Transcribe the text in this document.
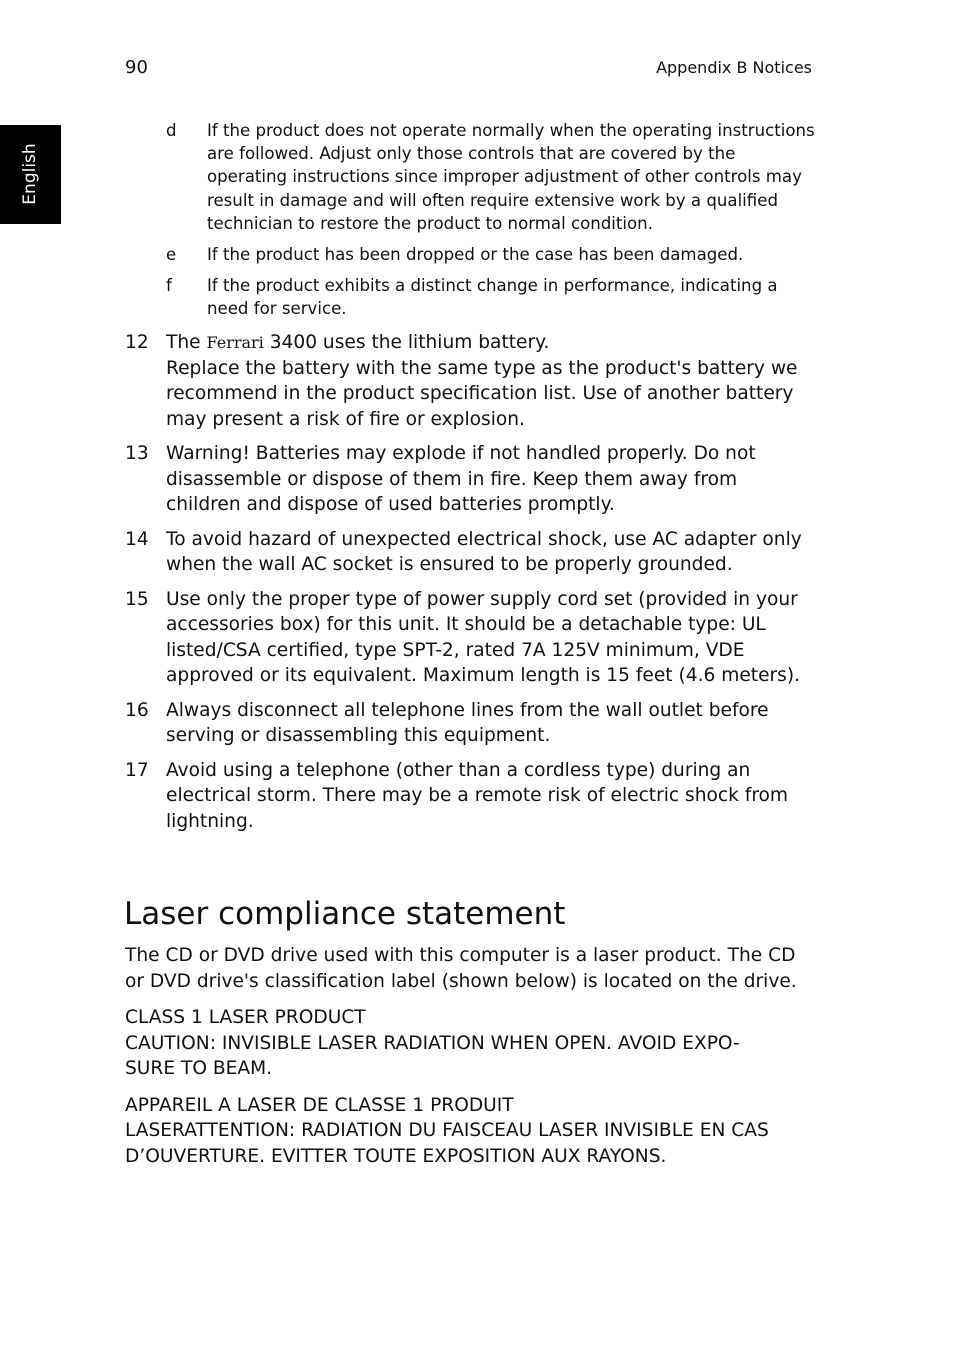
90	Appendix B Notices
English
d	If the product does not operate normally when the operating instructions are followed. Adjust only those controls that are covered by the operating instructions since improper adjustment of other controls may result in damage and will often require extensive work by a qualified technician to restore the product to normal condition.
e	If the product has been dropped or the case has been damaged.
f	If the product exhibits a distinct change in performance, indicating a need for service.
12 The Ferrari 3400 uses the lithium battery.
Replace the battery with the same type as the product's battery we recommend in the product specification list. Use of another battery may present a risk of fire or explosion.
13 Warning! Batteries may explode if not handled properly. Do not disassemble or dispose of them in fire. Keep them away from children and dispose of used batteries promptly.
14 To avoid hazard of unexpected electrical shock, use AC adapter only when the wall AC socket is ensured to be properly grounded.
15 Use only the proper type of power supply cord set (provided in your accessories box) for this unit. It should be a detachable type: UL listed/CSA certified, type SPT-2, rated 7A 125V minimum, VDE approved or its equivalent. Maximum length is 15 feet (4.6 meters).
16 Always disconnect all telephone lines from the wall outlet before serving or disassembling this equipment.
17 Avoid using a telephone (other than a cordless type) during an electrical storm. There may be a remote risk of electric shock from lightning.
Laser compliance statement

The CD or DVD drive used with this computer is a laser product. The CD or DVD drive's classification label (shown below) is located on the drive.

CLASS 1 LASER PRODUCT
CAUTION: INVISIBLE LASER RADIATION WHEN OPEN. AVOID EXPO-
SURE TO BEAM.

APPAREIL A LASER DE CLASSE 1 PRODUIT
LASERATTENTION: RADIATION DU FAISCEAU LASER INVISIBLE EN CAS
D’OUVERTURE. EVITTER TOUTE EXPOSITION AUX RAYONS.
